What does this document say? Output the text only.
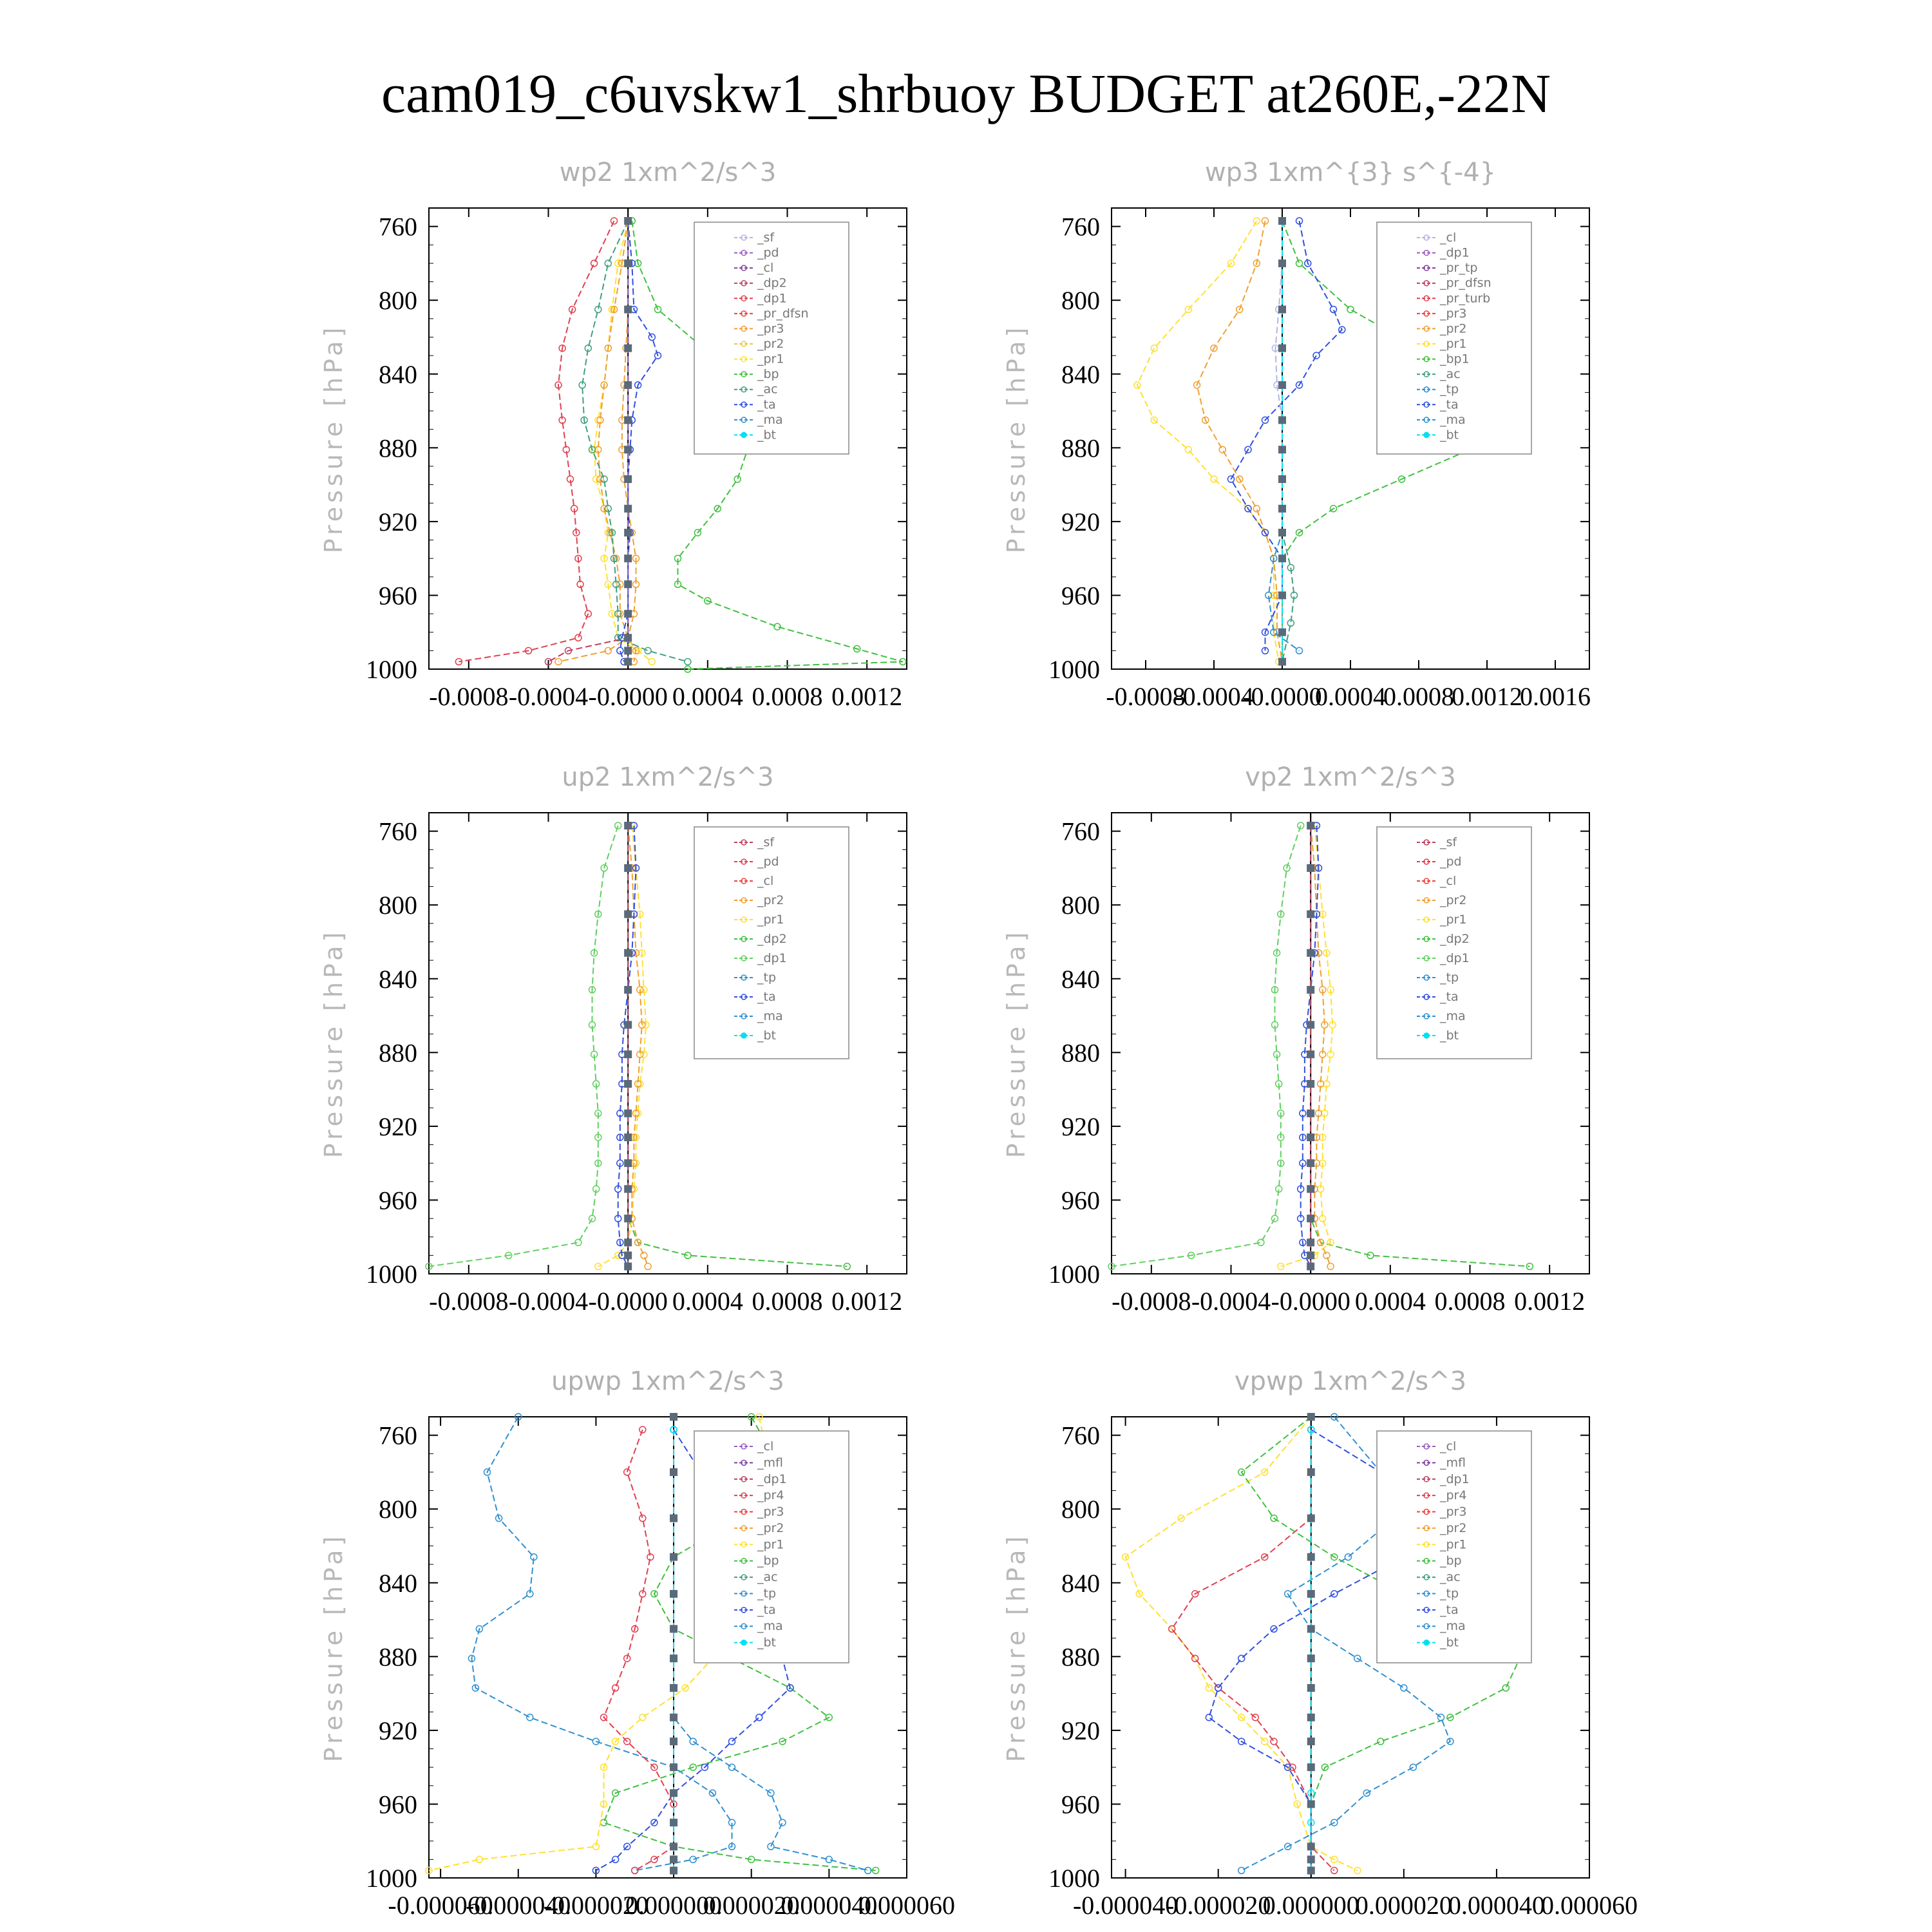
cam019_c6uvskw1_shrbuoy BUDGET at260E,-22N
wp2 1xm^2/s^3
Pressure [hPa]
760
800
840
880
920
960
1000
-0.0008 -0.0004 -0.0000 0.0004 0.0008 0.0012
_sf
_pd
_cl
_dp2
_dp1
_pr_dfsn
_pr3
_pr2
_pr1
_bp
_ac
_ta
_ma
_bt
wp3 1xm^{3} s^{-4}
Pressure [hPa]
760
800
840
880
920
960
1000
-0.0008
-0.0004
-0.0000
0.0004
0.0008
0.0012
0.0016
_cl
_dp1
_pr_tp
_pr_dfsn
_pr_turb
_pr3
_pr2
_pr1
_bp1
_ac
_tp
_ta
_ma
_bt
up2 1xm^2/s^3
Pressure [hPa]
760
800
840
880
920
960
1000
-0.0008 -0.0004 -0.0000 0.0004 0.0008 0.0012
_sf
_pd
_cl
_pr2
_pr1
_dp2
_dp1
_tp
_ta
_ma
_bt
vp2 1xm^2/s^3
Pressure [hPa]
760
800
840
880
920
960
1000
-0.0008 -0.0004 -0.0000 0.0004 0.0008 0.0012
_sf
_pd
_cl
_pr2
_pr1
_dp2
_dp1
_tp
_ta
_ma
_bt
upwp 1xm^2/s^3
Pressure [hPa]
760
800
840
880
920
960
1000
-0.000060
-0.000040
-0.000020
0.000000
0.000020
0.000040
0.000060
_cl
_mfl
_dp1
_pr4
_pr3
_pr2
_pr1
_bp
_ac
_tp
_ta
_ma
_bt
vpwp 1xm^2/s^3
Pressure [hPa]
760
800
840
880
920
960
1000
-0.000040
-0.000020
0.000000
0.000020
0.000040
0.000060
_cl
_mfl
_dp1
_pr4
_pr3
_pr2
_pr1
_bp
_ac
_tp
_ta
_ma
_bt
